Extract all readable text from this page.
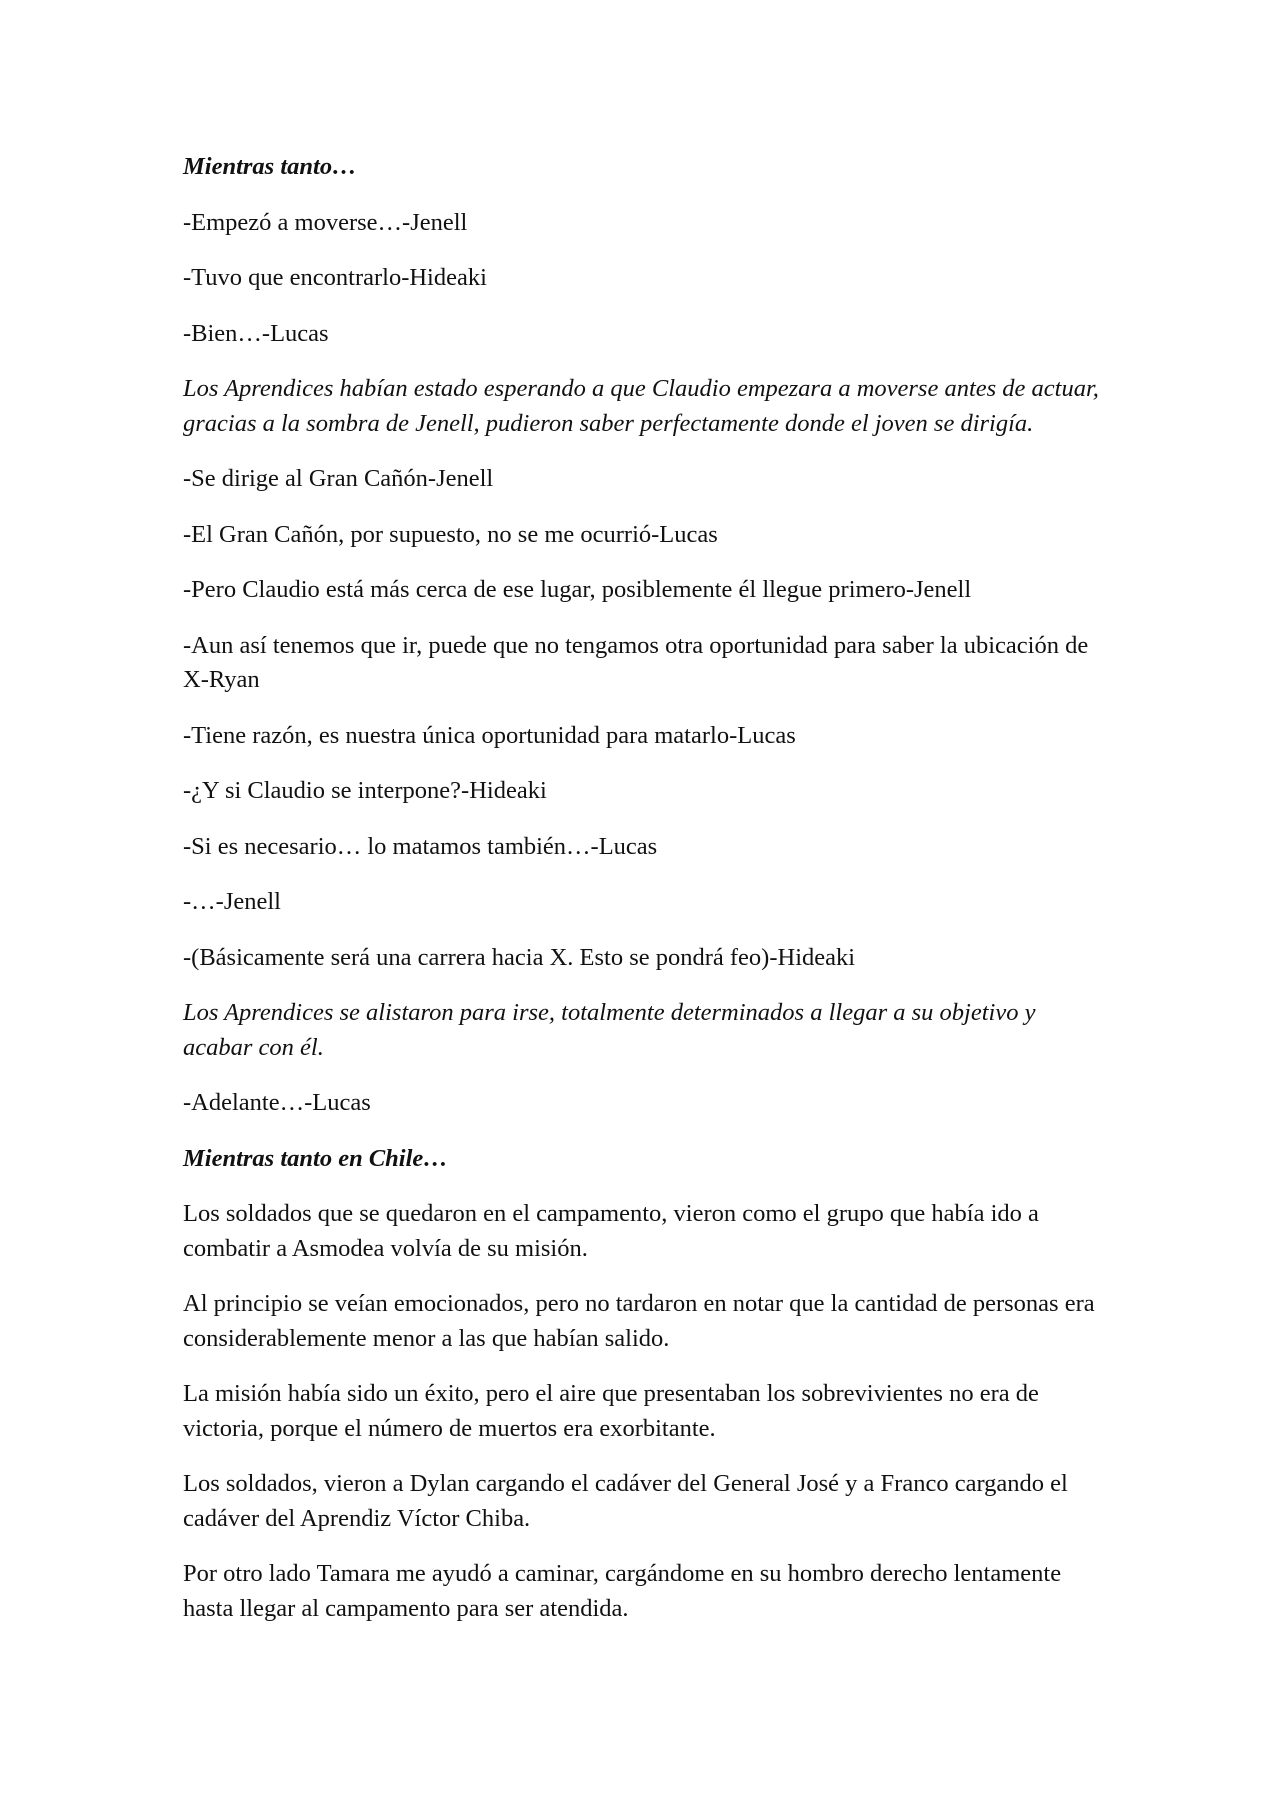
Mientras tanto…

-Empezó a moverse…-Jenell

-Tuvo que encontrarlo-Hideaki

-Bien…-Lucas

Los Aprendices habían estado esperando a que Claudio empezara a moverse antes de actuar, gracias a la sombra de Jenell, pudieron saber perfectamente donde el joven se dirigía.

-Se dirige al Gran Cañón-Jenell

-El Gran Cañón, por supuesto, no se me ocurrió-Lucas

-Pero Claudio está más cerca de ese lugar, posiblemente él llegue primero-Jenell

-Aun así tenemos que ir, puede que no tengamos otra oportunidad para saber la ubicación de X-Ryan

-Tiene razón, es nuestra única oportunidad para matarlo-Lucas

-¿Y si Claudio se interpone?-Hideaki

-Si es necesario… lo matamos también…-Lucas

-…-Jenell

-(Básicamente será una carrera hacia X. Esto se pondrá feo)-Hideaki

Los Aprendices se alistaron para irse, totalmente determinados a llegar a su objetivo y acabar con él.

-Adelante…-Lucas

Mientras tanto en Chile…

Los soldados que se quedaron en el campamento, vieron como el grupo que había ido a combatir a Asmodea volvía de su misión.

Al principio se veían emocionados, pero no tardaron en notar que la cantidad de personas era considerablemente menor a las que habían salido.

La misión había sido un éxito, pero el aire que presentaban los sobrevivientes no era de victoria, porque el número de muertos era exorbitante.

Los soldados, vieron a Dylan cargando el cadáver del General José y a Franco cargando el cadáver del Aprendiz Víctor Chiba.

Por otro lado Tamara me ayudó a caminar, cargándome en su hombro derecho lentamente hasta llegar al campamento para ser atendida.
